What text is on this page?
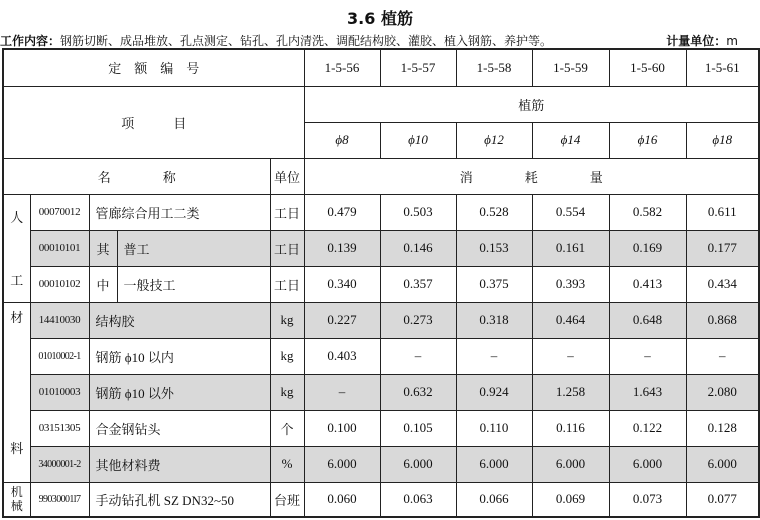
3.6 植筋
工作内容：钢筋切断、成品堆放、孔点测定、钻孔、孔内清洗、调配结构胶、灌胶、植入钢筋、养护等。	计量单位：m
定　额　编　号					1-5-56	1-5-57	1-5-58	1-5-59	1-5-60	1-5-61
项　　　目					植筋					
					ϕ8	ϕ10	ϕ12	ϕ14	ϕ16	ϕ18
名　　　　称				单位	消　　　　耗　　　　量					

人
工	00070012	管廊综合用工二类		工日	0.479	0.503	0.528	0.554	0.582	0.611
	00010101	其	普工	工日	0.139	0.146	0.153	0.161	0.169	0.177
	00010102	中	一般技工	工日	0.340	0.357	0.375	0.393	0.413	0.434

材
料	14410030	结构胶		kg	0.227	0.273	0.318	0.464	0.648	0.868
	01010002-1	钢筋 ϕ10 以内		kg	0.403	–	–	–	–	–
	01010003	钢筋 ϕ10 以外		kg	–	0.632	0.924	1.258	1.643	2.080
	03151305	合金钢钻头		个	0.100	0.105	0.110	0.116	0.122	0.128
	34000001-2	其他材料费		%	6.000	6.000	6.000	6.000	6.000	6.000
机械	99030001l7	手动钻孔机 SZ DN32~50		台班	0.060	0.063	0.066	0.069	0.073	0.077
